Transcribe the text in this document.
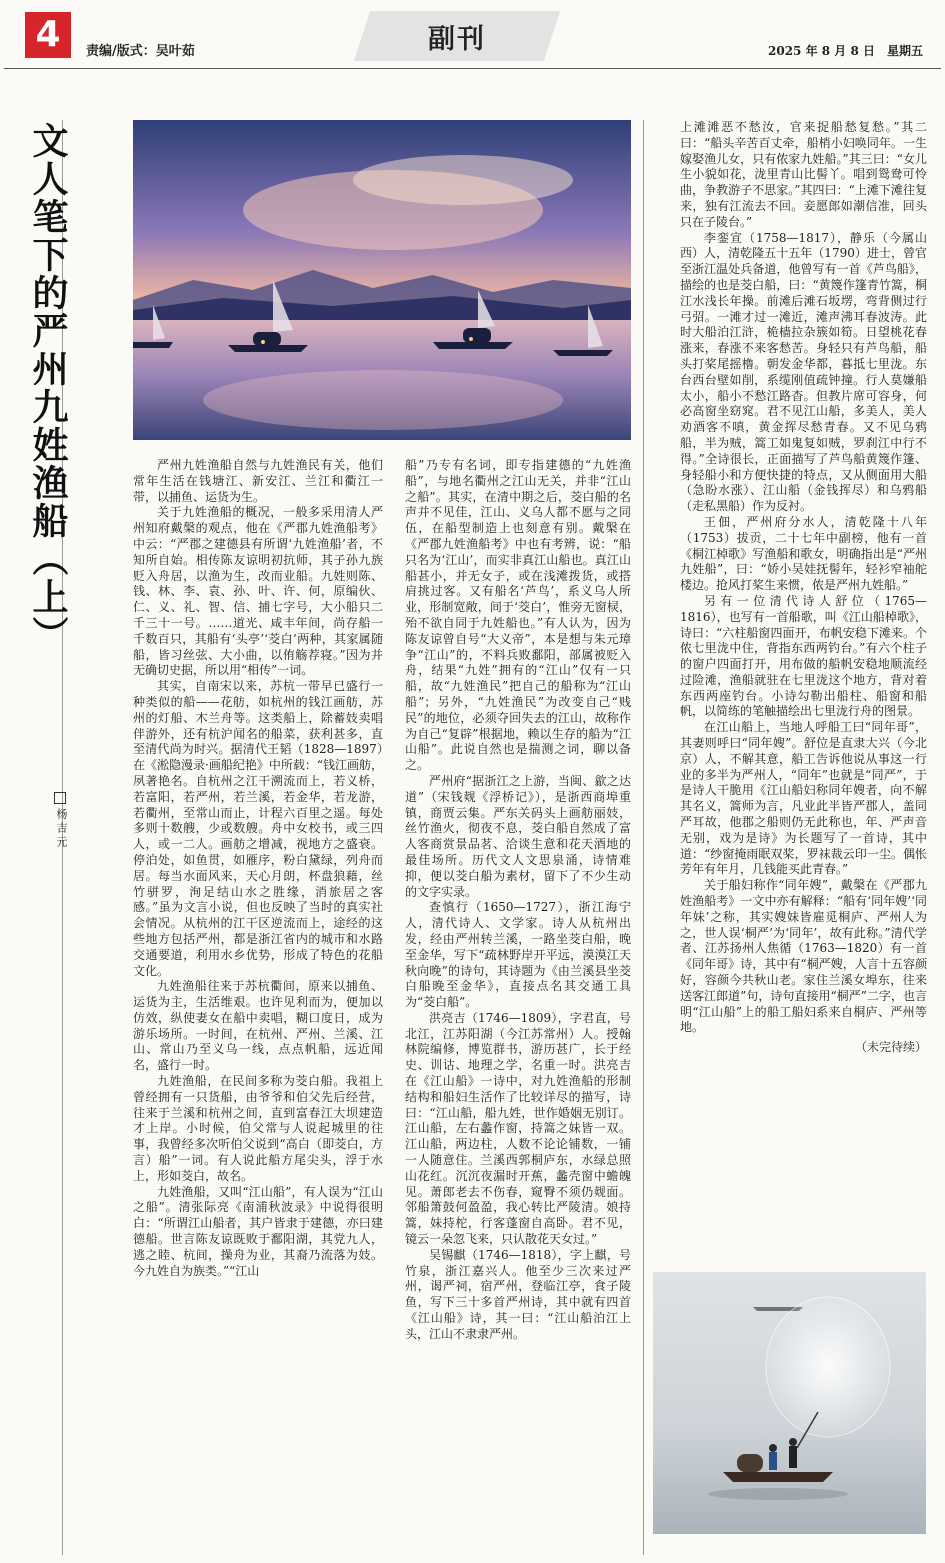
4	责编/版式：吴叶茹	副刊	2025 年 8 月 8 日　星期五
文人笔下的严州九姓渔船（上）
杨吉元

严州九姓渔船自然与九姓渔民有关，他们常年生活在钱塘江、新安江、兰江和衢江一带，以捕鱼、运货为生。

关于九姓渔船的概况，一般多采用清人严州知府戴槃的观点，他在《严郡九姓渔船考》中云：“严郡之建德县有所谓‘九姓渔船’者，不知所自始。相传陈友谅明初抗师，其子孙九族贬入舟居，以渔为生，改而业船。九姓则陈、钱、林、李、袁、孙、叶、许、何，原编伙、仁、义、礼、智、信、捕七字号，大小船只二千三十一号。……道光、咸丰年间，尚存船一千数百只，其船有‘头亭’‘茭白’两种，其家属随船，皆习丝弦、大小曲，以侑觞荐寝。”因为并无确切史据，所以用“相传”一词。

其实，自南宋以来，苏杭一带早已盛行一种类似的船——花舫，如杭州的钱江画舫，苏州的灯船、木兰舟等。这类船上，除蓄妓卖唱伴游外，还有杭沪闻名的船菜，获利甚多，直至清代尚为时兴。据清代王韬（1828—1897）在《淞隐漫录·画船纪艳》中所载：“钱江画舫，夙著艳名。自杭州之江干溯流而上，若义桥，若富阳，若严州，若兰溪，若金华，若龙游，若衢州，至常山而止，计程六百里之遥。每处多则十数艘，少或数艘。舟中女校书，或三四人，或一二人。画舫之增减，视地方之盛衰。停泊处，如鱼贯，如雁序，粉白黛绿，列舟而居。每当水面风来，天心月朗，杯盘狼藉，丝竹骈罗，洵足结山水之胜缘，消旅居之客感。”虽为文言小说，但也反映了当时的真实社会情况。从杭州的江干区逆流而上，途经的这些地方包括严州，都是浙江省内的城市和水路交通要道，利用水乡优势，形成了特色的花船文化。

九姓渔船往来于苏杭衢间，原来以捕鱼、运货为主，生活维艰。也许见利而为，便加以仿效，纵使妻女在船中卖唱，糊口度日，成为游乐场所。一时间，在杭州、严州、兰溪、江山、常山乃至义乌一线，点点帆船，远近闻名，盛行一时。

九姓渔船，在民间多称为茭白船。我祖上曾经拥有一只货船，由爷爷和伯父先后经营，往来于兰溪和杭州之间，直到富春江大坝建造才上岸。小时候，伯父常与人说起城里的往事，我曾经多次听伯父说到“高白（即茭白，方言）船”一词。有人说此船方尾尖头，浮于水上，形如茭白，故名。

九姓渔船，又叫“江山船”，有人误为“江山之船”。清张际亮《南浦秋波录》中说得很明白：“所谓江山船者，其户皆隶于建德，亦曰建德船。世言陈友谅既败于鄱阳湖，其党九人，逃之睦、杭间，操舟为业，其裔乃流落为妓。今九姓自为族类。”“江山

船”乃专有名词，即专指建德的“九姓渔船”，与地名衢州之江山无关，并非“江山之船”。其实，在清中期之后，茭白船的名声并不见佳，江山、义乌人都不愿与之同伍，在船型制造上也刻意有别。戴槃在《严郡九姓渔船考》中也有考辨，说：“船只名为‘江山’，而实非真江山船也。真江山船甚小，并无女子，或在浅滩拨货，或搭肩挑过客。又有船名‘芦鸟’，系义乌人所业，形制宽敞，间于‘茭白’，惟旁无窗棂，殆不欲自同于九姓船也。”有人认为，因为陈友谅曾自号“大义帝”，本是想与朱元璋争“江山”的，不料兵败鄱阳，部属被贬入舟，结果“九姓”拥有的“江山”仅有一只船，故“九姓渔民”把自己的船称为“江山船”；另外，“九姓渔民”为改变自己“贱民”的地位，必须夺回失去的江山，故称作为自己“复辟”根据地，赖以生存的船为“江山船”。此说自然也是揣测之词，聊以备之。

严州府“据浙江之上游，当闽、歙之达道”（宋钱觌《浮桥记》），是浙西商埠重镇，商贾云集。严东关码头上画舫丽妓，丝竹渔火，彻夜不息，茭白船自然成了富人客商赏景品茗、洽谈生意和花天酒地的最佳场所。历代文人文思泉涌，诗情难抑，便以茭白船为素材，留下了不少生动的文字实录。

查慎行（1650—1727），浙江海宁人，清代诗人、文学家。诗人从杭州出发，经由严州转兰溪，一路坐茭白船，晚至金华，写下“疏林野岸开平远，漠漠江天秋向晚”的诗句，其诗题为《由兰溪县坐茭白船晚至金华》，直接点名其交通工具为“茭白船”。

洪亮吉（1746—1809），字君直，号北江，江苏阳湖（今江苏常州）人。授翰林院编修，博览群书，游历甚广，长于经史、训诂、地理之学，名重一时。洪亮吉在《江山船》一诗中，对九姓渔船的形制结构和船妇生活作了比较详尽的描写，诗曰：“江山船，船九姓，世作婚姻无别订。江山船，左右蠡作窗，持篙之妹皆一双。江山船，两边柱，人数不论论铺数，一铺一人随意住。兰溪西郭桐庐东，水绿总照山花红。沉沉夜漏时开蕉，蠡壳窗中蟾魄见。萧郎老去不伤春，窥臀不须仍觌面。邻船箫鼓何盈盈，我心转比严陵清。娘持篙，妹持柁，行客蓬窗自高卧。君不见，镜云一朵忽飞来，只认散花天女过。”

吴锡麒（1746—1818），字上麒，号竹泉，浙江嘉兴人。他至少三次来过严州，谒严祠，宿严州，登临江亭，食子陵鱼，写下三十多首严州诗，其中就有四首《江山船》诗，其一曰：“江山船泊江上头，江山不隶隶严州。

上滩滩恶不愁汝，官来捉船愁复愁。”其二曰：“船头辛苦百丈牵，船梢小妇唤同年。一生嫁娶渔儿女，只有侬家九姓船。”其三曰：“女儿生小貌如花，泷里青山比髻丫。唱到鸳鸯可怜曲，争教游子不思家。”其四曰：“上滩下滩往复来，独有江流去不回。妾愿郎如潮信准，回头只在子陵台。”

李銮宣（1758—1817），静乐（今属山西）人，清乾隆五十五年（1790）进士，曾官至浙江温处兵备道，他曾写有一首《芦鸟船》，描绘的也是茭白船，曰：“黄篾作篷青竹篙，桐江水浅长年操。前滩后滩石坂塄，弯背侧过行弓弨。一滩才过一滩近，滩声沸耳春波涛。此时大船泊江浒，桅樯拉杂簇如筍。日望桃花春涨来，春涨不来客愁苦。身轻只有芦鸟船，船头打桨尾摇橹。朝发金华都，暮抵七里泷。东台西台壁如削，系缆刚值疏钟撞。行人莫嫌船太小，船小不愁江路杳。但教片席可容身，何必高窗坐窈窕。君不见江山船，多美人，美人劝酒客不嗔，黄金挥尽愁青春。又不见乌鸦船，半为贼，篙工如鬼复如贼，罗刹江中行不得。”全诗很长，正面描写了芦鸟船黄篾作篷、身轻船小和方便快捷的特点，又从侧面用大船（急盼水涨）、江山船（金钱挥尽）和乌鸦船（走私黑船）作为反衬。

王佃，严州府分水人，清乾隆十八年（1753）拔贡，二十七年中副榜，他有一首《桐江棹歌》写渔船和歌女，明确指出是“严州九姓船”，曰：“娇小吴娃抚髻年，轻衫窄袖舵楼边。抢风打桨生来惯，侬是严州九姓船。”

另有一位清代诗人舒位（1765—1816），也写有一首船歌，叫《江山船棹歌》，诗曰：“六柱船窗四面开，布帆安稳下滩来。个侬七里泷中住，背指东西两钓台。”有六个柱子的窗户四面打开，用布做的船帆安稳地顺流经过险滩，渔船就驻在七里泷这个地方，背对着东西两座钓台。小诗勾勒出船柱、船窗和船帆，以简练的笔触描绘出七里泷行舟的图景。

在江山船上，当地人呼船工曰“同年哥”，其妻则呼曰“同年嫂”。舒位是直隶大兴（今北京）人，不解其意，船工告诉他说从事这一行业的多半为严州人，“同年”也就是“同严”，于是诗人干脆用《江山船妇称同年嫂者，向不解其名义，篙师为言，凡业此半皆严郡人，盖同严耳故，他郡之船则仍无此称也，年、严声音无别，戏为是诗》为长题写了一首诗，其中道：“纱窗掩雨眠双桨，罗袜裁云印一尘。偶怅芳年有年月，几钱能买此青春。”

关于船妇称作“同年嫂”，戴槃在《严郡九姓渔船考》一文中亦有解释：“船有‘同年嫂’‘同年妹’之称，其实嫂妹皆雇觅桐庐、严州人为之，世人误‘桐严’为‘同年’，故有此称。”清代学者、江苏扬州人焦循（1763—1820）有一首《同年哥》诗，其中有“桐严嫂，人言十五容颜好，容颜今共秋山老。家住兰溪女埠东，往来送客江郎道”句，诗句直接用“桐严”二字，也言明“江山船”上的船工船妇系来自桐庐、严州等地。

（未完待续）
